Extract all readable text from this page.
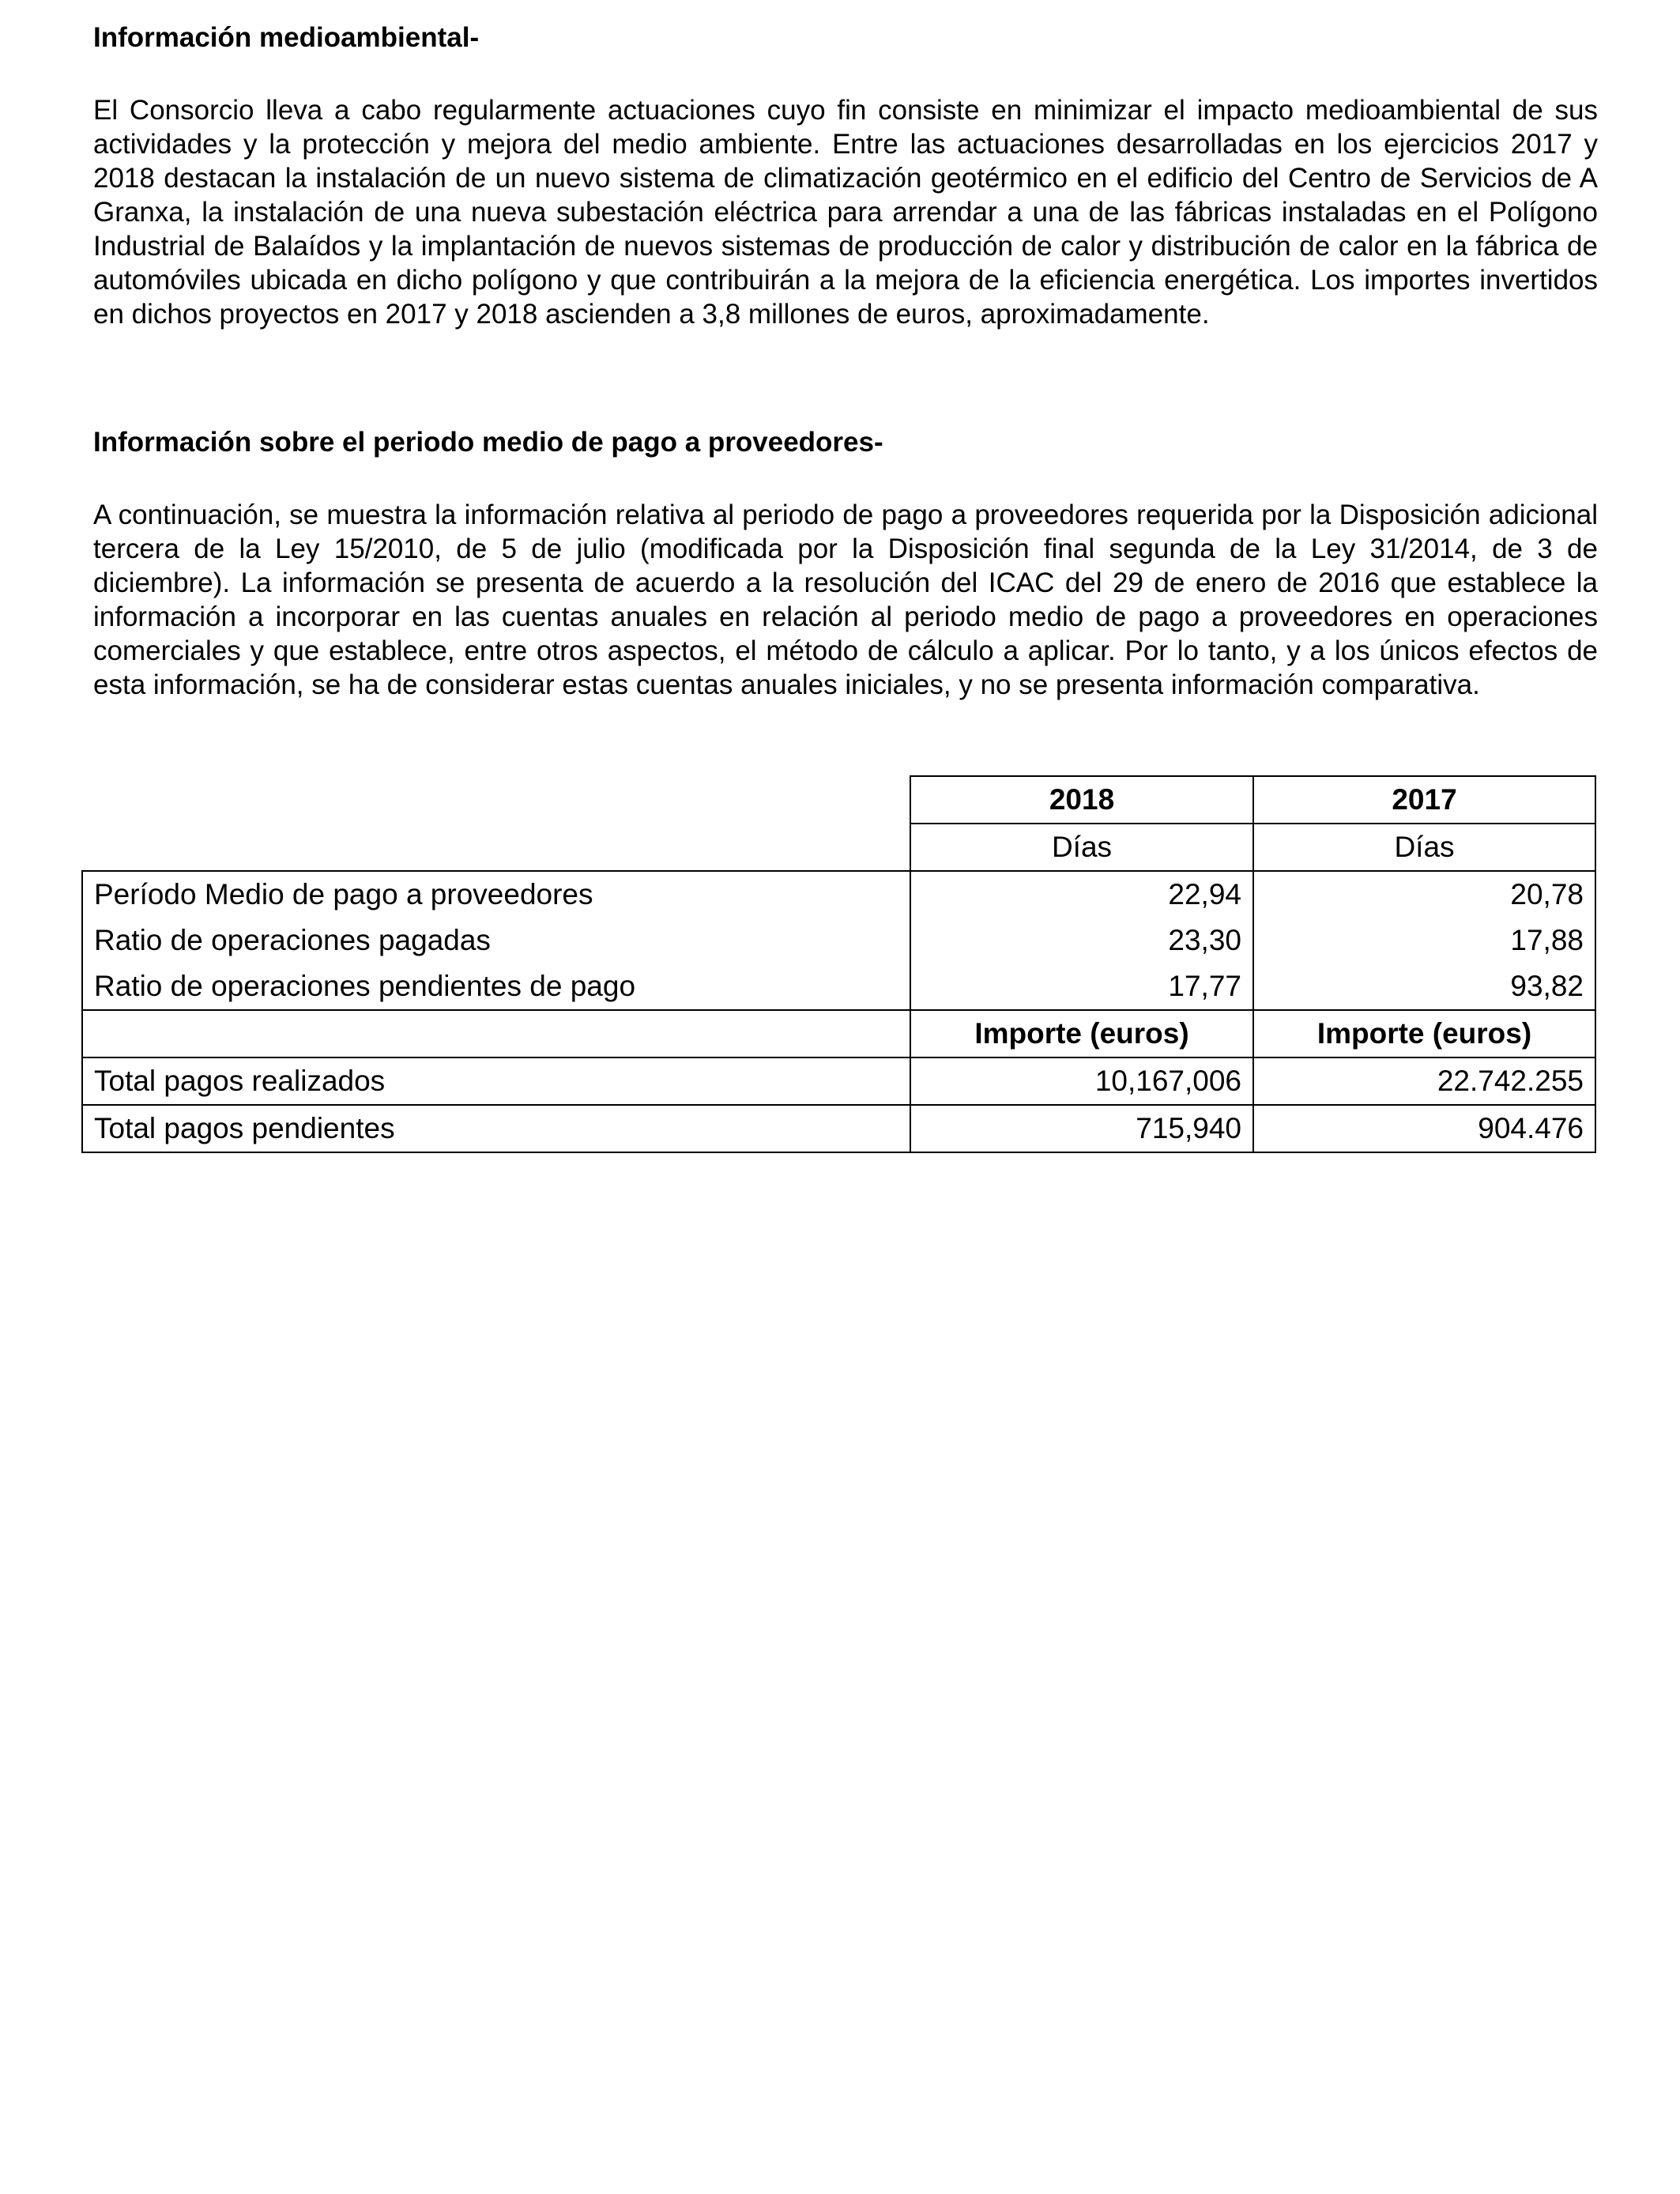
Información medioambiental-

El Consorcio lleva a cabo regularmente actuaciones cuyo fin consiste en minimizar el impacto medioambiental de sus actividades y la protección y mejora del medio ambiente. Entre las actuaciones desarrolladas en los ejercicios 2017 y 2018 destacan la instalación de un nuevo sistema de climatización geotérmico en el edificio del Centro de Servicios de A Granxa, la instalación de una nueva subestación eléctrica para arrendar a una de las fábricas instaladas en el Polígono Industrial de Balaídos y la implantación de nuevos sistemas de producción de calor y distribución de calor en la fábrica de automóviles ubicada en dicho polígono y que contribuirán a la mejora de la eficiencia energética. Los importes invertidos en dichos proyectos en 2017 y 2018 ascienden a 3,8 millones de euros, aproximadamente.

Información sobre el periodo medio de pago a proveedores-

A continuación, se muestra la información relativa al periodo de pago a proveedores requerida por la Disposición adicional tercera de la Ley 15/2010, de 5 de julio (modificada por la Disposición final segunda de la Ley 31/2014, de 3 de diciembre). La información se presenta de acuerdo a la resolución del ICAC del 29 de enero de 2016 que establece la información a incorporar en las cuentas anuales en relación al periodo medio de pago a proveedores en operaciones comerciales y que establece, entre otros aspectos, el método de cálculo a aplicar. Por lo tanto, y a los únicos efectos de esta información, se ha de considerar estas cuentas anuales iniciales, y no se presenta información comparativa.

	2018	2017
	Días	Días
Período Medio de pago a proveedores	22,94	20,78
Ratio de operaciones pagadas	23,30	17,88
Ratio de operaciones pendientes de pago	17,77	93,82
	Importe (euros)	Importe (euros)
Total pagos realizados	10,167,006	22.742.255
Total pagos pendientes	715,940	904.476
